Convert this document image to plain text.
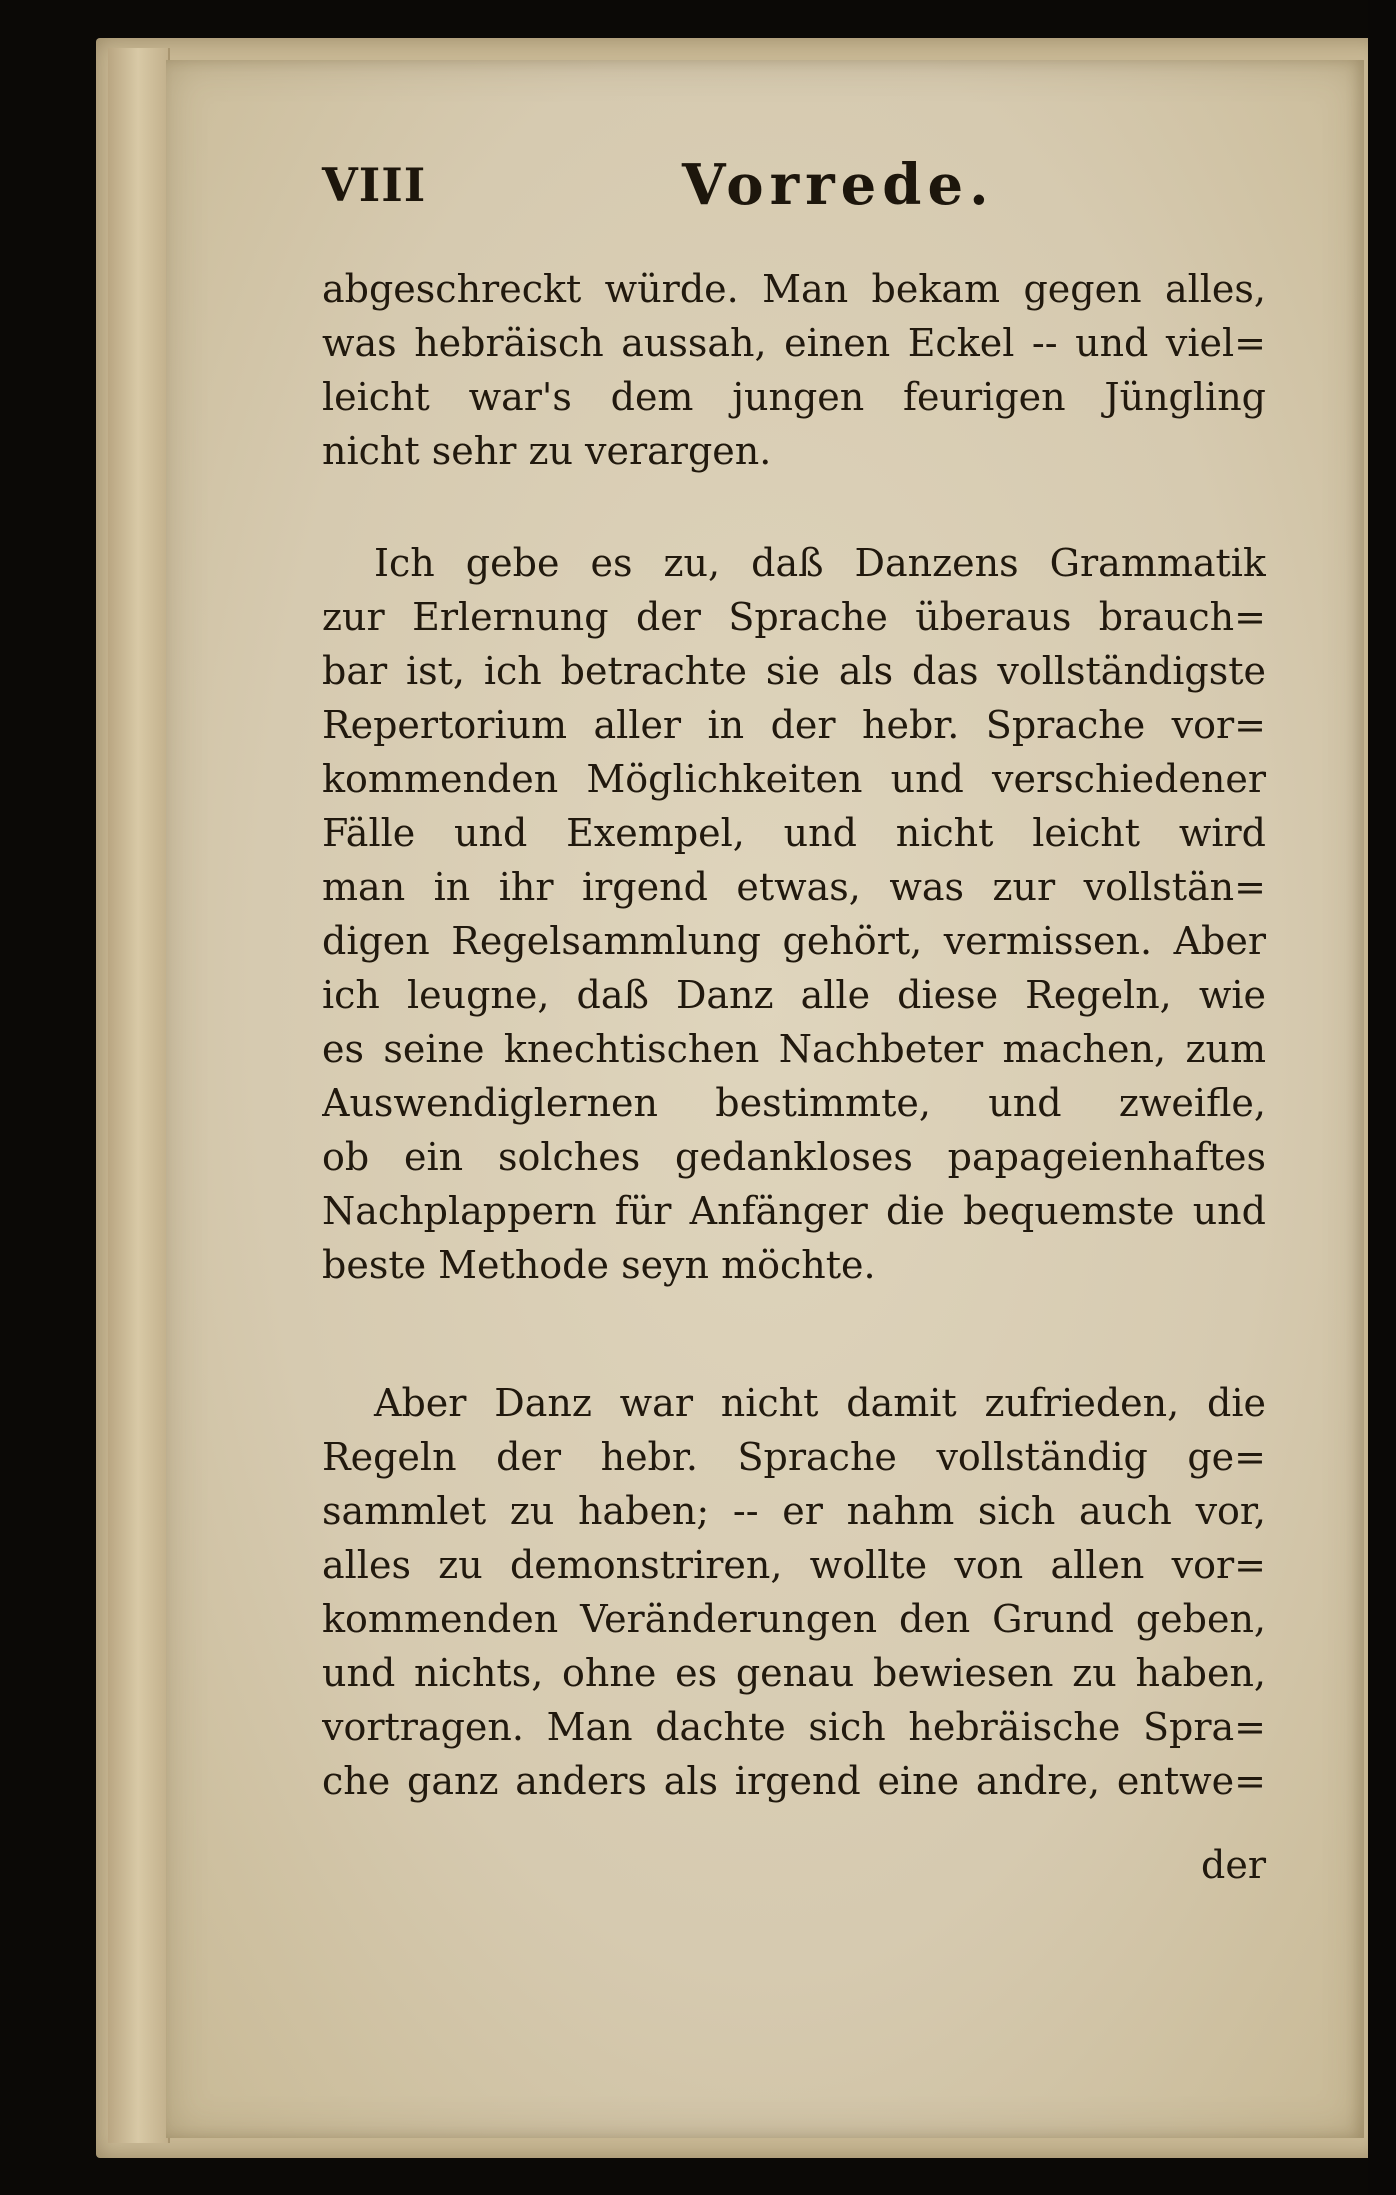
VIII	Vorrede.
abgeschreckt würde. Man bekam gegen alles,
was hebräisch aussah, einen Eckel -- und viel=
leicht war's dem jungen feurigen Jüngling
nicht sehr zu verargen.
Ich gebe es zu, daß Danzens Grammatik
zur Erlernung der Sprache überaus brauch=
bar ist, ich betrachte sie als das vollständigste
Repertorium aller in der hebr. Sprache vor=
kommenden Möglichkeiten und verschiedener
Fälle und Exempel, und nicht leicht wird
man in ihr irgend etwas, was zur vollstän=
digen Regelsammlung gehört, vermissen. Aber
ich leugne, daß Danz alle diese Regeln, wie
es seine knechtischen Nachbeter machen, zum
Auswendiglernen bestimmte, und zweifle,
ob ein solches gedankloses papageienhaftes
Nachplappern für Anfänger die bequemste und
beste Methode seyn möchte.
Aber Danz war nicht damit zufrieden, die
Regeln der hebr. Sprache vollständig ge=
sammlet zu haben; -- er nahm sich auch vor,
alles zu demonstriren, wollte von allen vor=
kommenden Veränderungen den Grund geben,
und nichts, ohne es genau bewiesen zu haben,
vortragen. Man dachte sich hebräische Spra=
che ganz anders als irgend eine andre, entwe=
der
